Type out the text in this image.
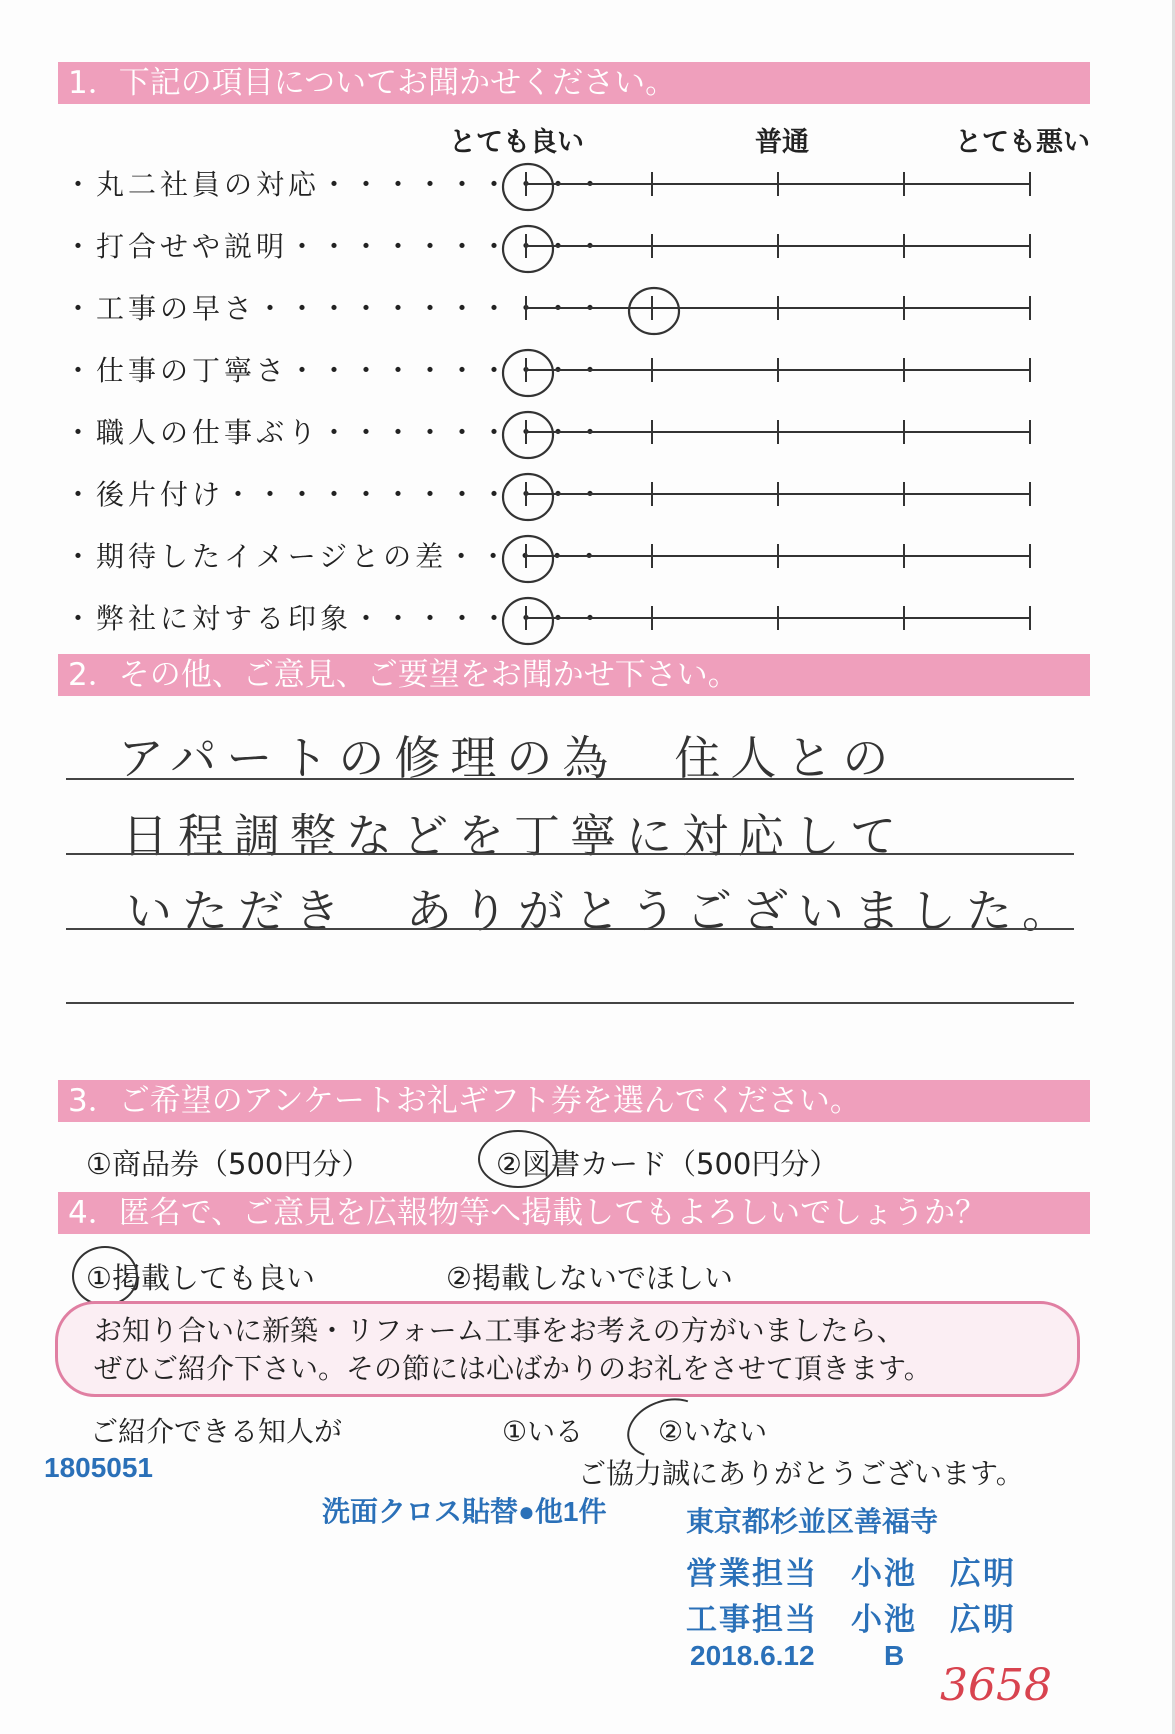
1．下記の項目についてお聞かせください。
とても良い	普通	とても悪い
・丸二社員の対応・・・・・・・・・
・打合せや説明・・・・・・・・・・
・工事の早さ・・・・・・・・・・・
・仕事の丁寧さ・・・・・・・・・・
・職人の仕事ぶり・・・・・・・・・
・後片付け・・・・・・・・・・・・
・期待したイメージとの差・・・・・
・弊社に対する印象・・・・・・・・
2．その他、ご意見、ご要望をお聞かせ下さい。
アパートの修理の為　住人との
日程調整などを丁寧に対応して
いただき　ありがとうございました。
3．ご希望のアンケートお礼ギフト券を選んでください。
①商品券（500円分）	②図書カード（500円分）
4．匿名で、ご意見を広報物等へ掲載してもよろしいでしょうか？
①掲載しても良い	②掲載しないでほしい
お知り合いに新築・リフォーム工事をお考えの方がいましたら、
ぜひご紹介下さい。その節には心ばかりのお礼をさせて頂きます。
ご紹介できる知人が	①いる	②いない
ご協力誠にありがとうございます。
1805051
洗面クロス貼替●他1件	東京都杉並区善福寺
営業担当　小池　広明
工事担当　小池　広明
2018.6.12 B
3658
